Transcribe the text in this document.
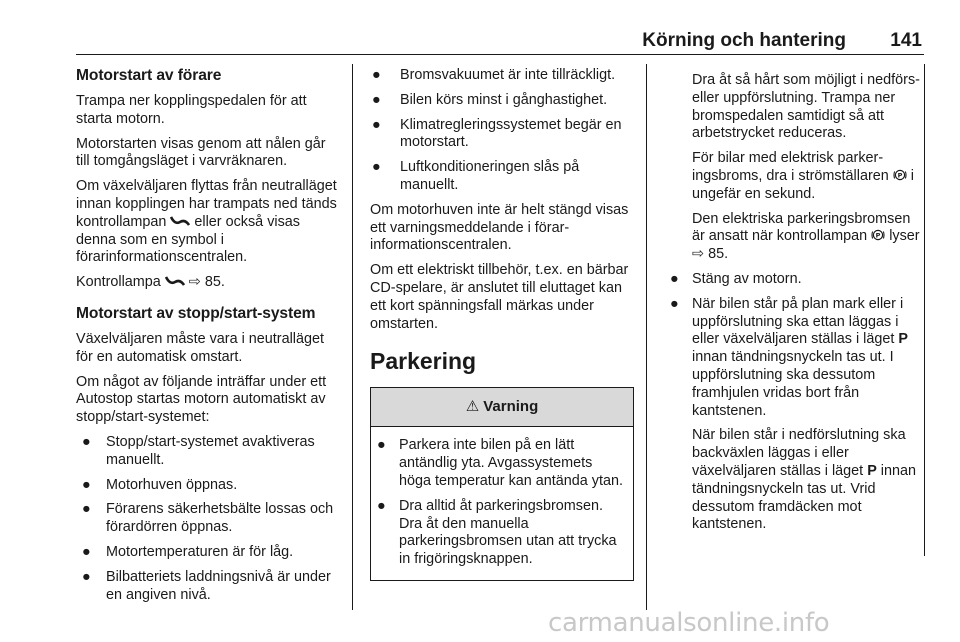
Körning och hantering 141
Motorstart av förare

Trampa ner kopplingspedalen för att starta motorn.

Motorstarten visas genom att nålen går till tomgångsläget i varvräknaren.

Om växelväljaren flyttas från neutralläget innan kopplingen har trampats ned tänds kontrollampan eller också visas denna som en symbol i förarinformationscentralen.

Kontrollampa ⇨ 85.

Motorstart av stopp/start-system

Växelväljaren måste vara i neutralläget för en automatisk omstart.

Om något av följande inträffar under ett Autostop startas motorn automatiskt av stopp/start-systemet:

● Stopp/start-systemet avaktiveras manuellt.
● Motorhuven öppnas.
● Förarens säkerhetsbälte lossas och förardörren öppnas.
● Motortemperaturen är för låg.
● Bilbatteriets laddningsnivå är under en angiven nivå.
● Bromsvakuumet är inte tillräckligt.
● Bilen körs minst i gånghastighet.
● Klimatregleringssystemet begär en motorstart.
● Luftkonditioneringen slås på manuellt.

Om motorhuven inte är helt stängd visas ett varningsmeddelande i förarinformationscentralen.

Om ett elektriskt tillbehör, t.ex. en bärbar CD-spelare, är anslutet till eluttaget kan ett kort spänningsfall märkas under omstarten.

Parkering
⚠ Varning
● Parkera inte bilen på en lätt antändlig yta. Avgassystemets höga temperatur kan antända ytan.
● Dra alltid åt parkeringsbromsen. Dra åt den manuella parkeringsbromsen utan att trycka in frigöringsknappen.

Dra åt så hårt som möjligt i nedförs- eller uppförslutning. Trampa ner bromspedalen samtidigt så att arbetstrycket reduceras.

För bilar med elektrisk parkeringsbroms, dra i strömställaren P i ungefär en sekund.

Den elektriska parkeringsbromsen är ansatt när kontrollampan P lyser ⇨ 85.

● Stäng av motorn.
● När bilen står på plan mark eller i uppförslutning ska ettan läggas i eller växelväljaren ställas i läget P innan tändningsnyckeln tas ut. I uppförslutning ska dessutom framhjulen vridas bort från kantstenen.

När bilen står i nedförslutning ska backväxlen läggas i eller växelväljaren ställas i läget P innan tändningsnyckeln tas ut. Vrid dessutom framdäcken mot kantstenen.

carmanualsonline.info
